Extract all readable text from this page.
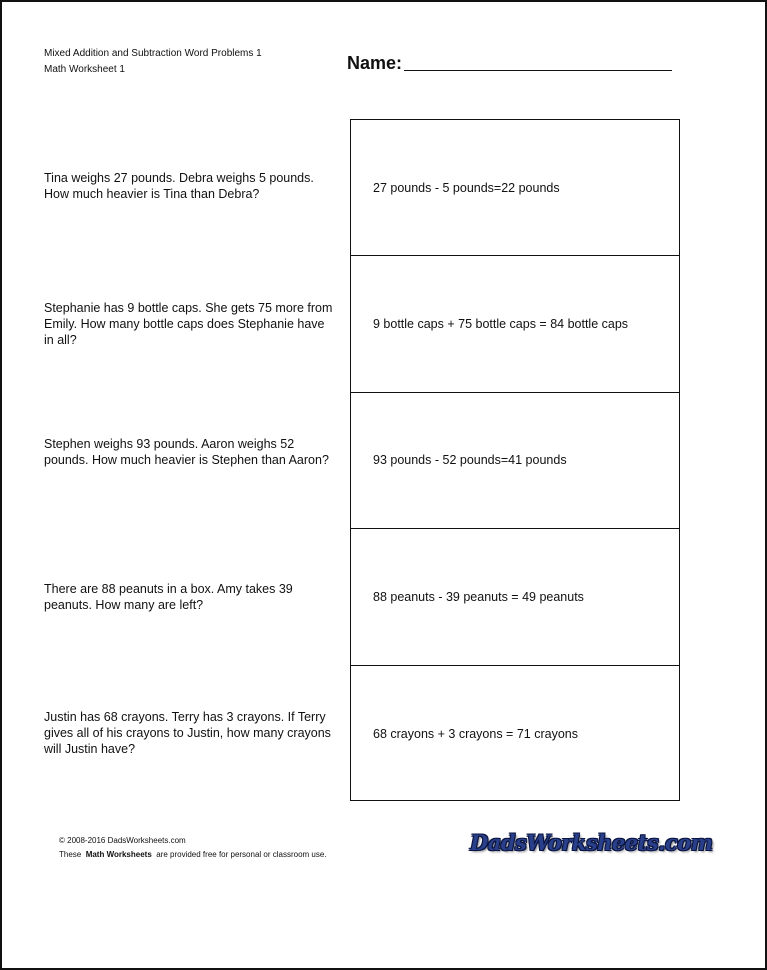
Mixed Addition and Subtraction Word Problems 1
Math Worksheet 1	Name:
Tina weighs 27 pounds. Debra weighs 5 pounds. How much heavier is Tina than Debra?
Stephanie has 9 bottle caps. She gets 75 more from Emily. How many bottle caps does Stephanie have in all?
Stephen weighs 93 pounds. Aaron weighs 52 pounds. How much heavier is Stephen than Aaron?
There are 88 peanuts in a box. Amy takes 39 peanuts. How many are left?
Justin has 68 crayons. Terry has 3 crayons. If Terry gives all of his crayons to Justin, how many crayons will Justin have?
27 pounds - 5 pounds=22 pounds
9 bottle caps + 75 bottle caps = 84 bottle caps
93 pounds - 52 pounds=41 pounds
88 peanuts - 39 peanuts = 49 peanuts
68 crayons + 3 crayons = 71 crayons
© 2008-2016 DadsWorksheets.com
These Math Worksheets are provided free for personal or classroom use.	DadsWorksheets.com
